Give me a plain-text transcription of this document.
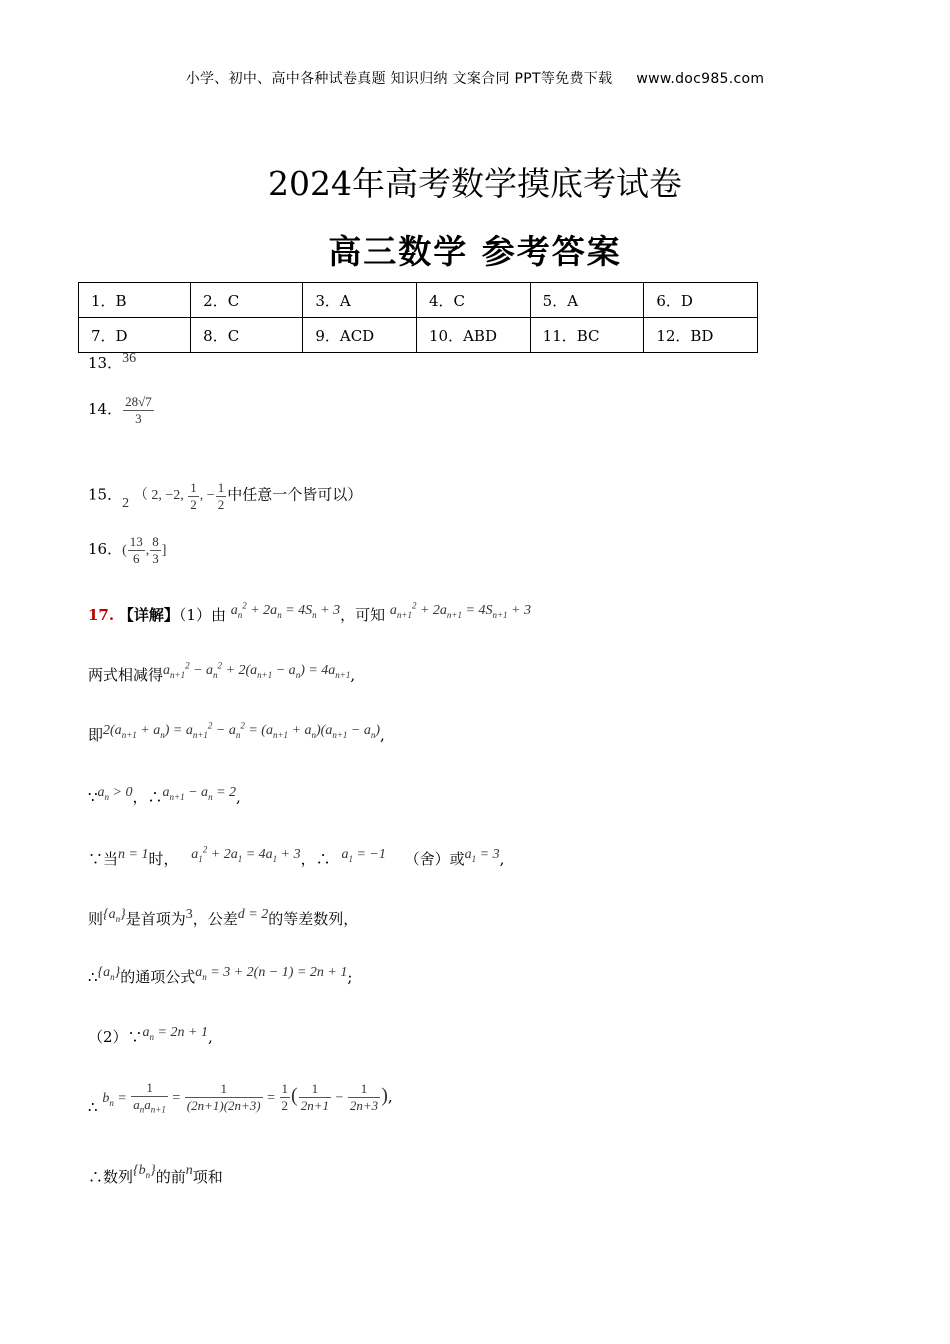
小学、初中、高中各种试卷真题 知识归纳 文案合同 PPT等免费下载 www.doc985.com
2024年高考数学摸底考试卷
高三数学 参考答案
1．B	2．C	3．A	4．C	5．A	6．D
7．D	8．C	9．ACD	10．ABD	11．BC	12．BD
13．36
14． $\frac{28√7}{3}$
15．2 （ 2, −2, $\frac{1}{2}$ , − $\frac{1}{2}$ 中任意一个皆可以）
16．( $\frac{13}{6}$ , $\frac{8}{3}$ ]
17. 【详解】（1）由 $a_n^2 + 2a_n = 4S_n + 3$，可知 $a_{n+1}^2 + 2a_{n+1} = 4S_{n+1} + 3$
两式相减得$a_{n+1}^2 - a_n^2 + 2(a_{n+1} - a_n) = 4a_{n+1}$,
即$2(a_{n+1} + a_n) = a_{n+1}^2 - a_n^2 = (a_{n+1} + a_n)(a_{n+1} - a_n)$,
$\because a_n > 0$，$\therefore a_{n+1} - a_n = 2$,
∵当n = 1时， $a_1^2 + 2a_1 = 4a_1 + 3$，∴ $a_1 = -1$ （舍）或$a_1 = 3$,
则$\{a_n\}$是首项为3，公差d = 2的等差数列，
$\therefore\{a_n\}$的通项公式$a_n = 3 + 2(n - 1) = 2n + 1$;
$(2)\because a_n = 2n + 1$,
∴ $b_n = \frac{1}{a_na_{n+1}} = \frac{1}{(2n+1)(2n+3)} = \frac{1}{2}$ ( $\frac{1}{2n+1} - \frac{1}{2n+3}$ ),
∴数列$\{b_n\}$的前n项和
